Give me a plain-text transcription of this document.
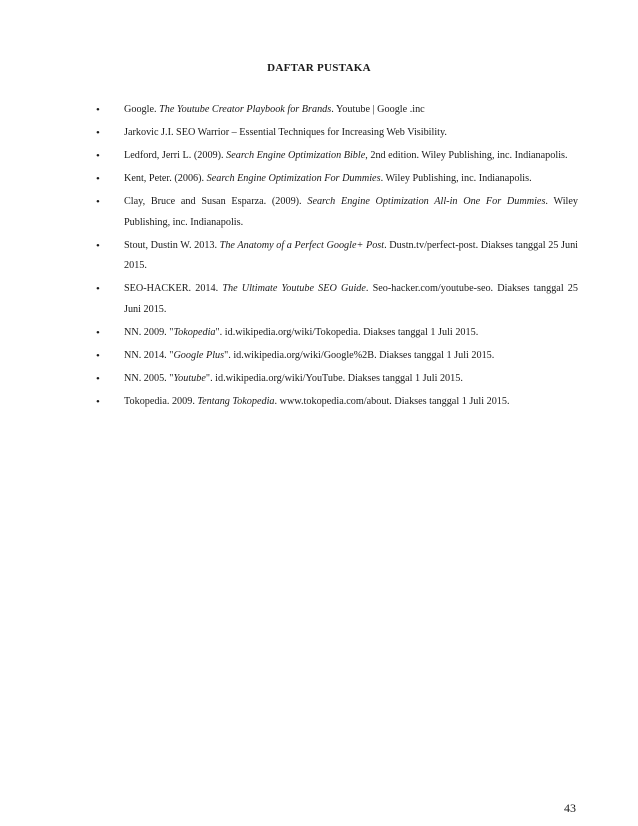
DAFTAR PUSTAKA
• Google. The Youtube Creator Playbook for Brands. Youtube | Google .inc
• Jarkovic J.I. SEO Warrior – Essential Techniques for Increasing Web Visibility.
• Ledford, Jerri L. (2009). Search Engine Optimization Bible, 2nd edition. Wiley Publishing, inc. Indianapolis.
• Kent, Peter. (2006). Search Engine Optimization For Dummies. Wiley Publishing, inc. Indianapolis.
• Clay, Bruce and Susan Esparza. (2009). Search Engine Optimization All-in One For Dummies. Wiley Publishing, inc. Indianapolis.
• Stout, Dustin W. 2013. The Anatomy of a Perfect Google+ Post. Dustn.tv/perfect-post. Diakses tanggal 25 Juni 2015.
• SEO-HACKER. 2014. The Ultimate Youtube SEO Guide. Seo-hacker.com/youtube-seo. Diakses tanggal 25 Juni 2015.
• NN. 2009. "Tokopedia". id.wikipedia.org/wiki/Tokopedia. Diakses tanggal 1 Juli 2015.
• NN. 2014. "Google Plus". id.wikipedia.org/wiki/Google%2B. Diakses tanggal 1 Juli 2015.
• NN. 2005. "Youtube". id.wikipedia.org/wiki/YouTube. Diakses tanggal 1 Juli 2015.
• Tokopedia. 2009. Tentang Tokopedia. www.tokopedia.com/about. Diakses tanggal 1 Juli 2015.
43
